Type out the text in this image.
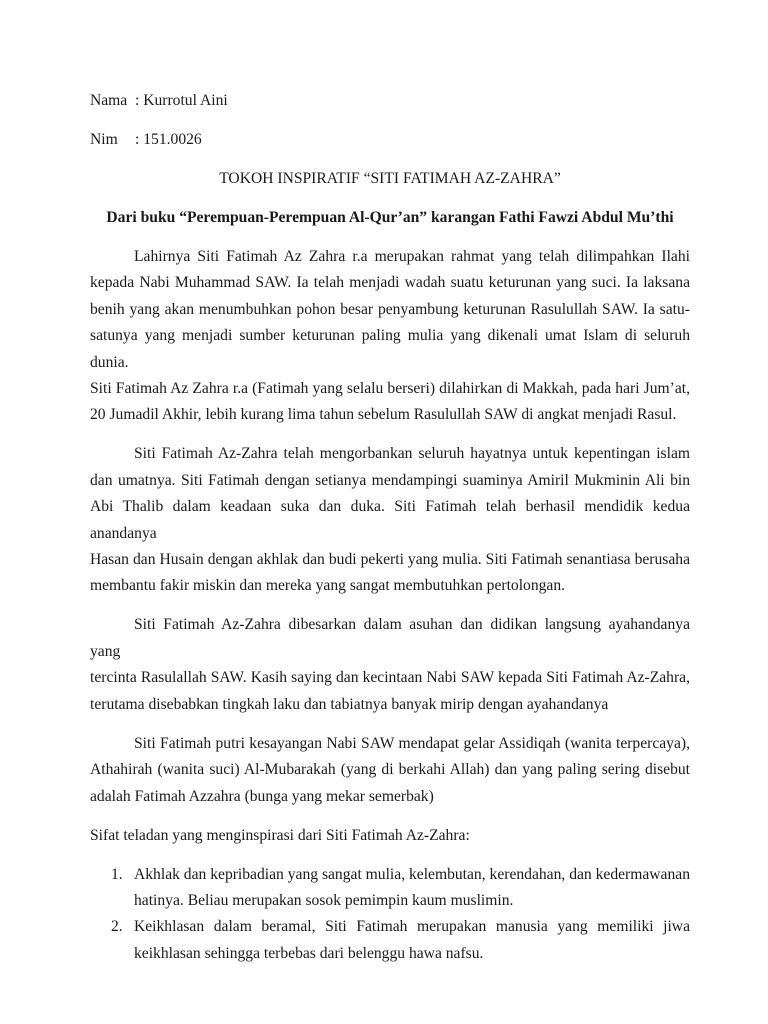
Nama : Kurrotul Aini
Nim : 151.0026
TOKOH INSPIRATIF “SITI FATIMAH AZ-ZAHRA”
Dari buku “Perempuan-Perempuan Al-Qur’an” karangan Fathi Fawzi Abdul Mu’thi
Lahirnya Siti Fatimah Az Zahra r.a merupakan rahmat yang telah dilimpahkan Ilahi
kepada Nabi Muhammad SAW. Ia telah menjadi wadah suatu keturunan yang suci. Ia laksana
benih yang akan menumbuhkan pohon besar penyambung keturunan Rasulullah SAW. Ia satu-
satunya yang menjadi sumber keturunan paling mulia yang dikenali umat Islam di seluruh dunia.
Siti Fatimah Az Zahra r.a (Fatimah yang selalu berseri) dilahirkan di Makkah, pada hari Jum’at,
20 Jumadil Akhir, lebih kurang lima tahun sebelum Rasulullah SAW di angkat menjadi Rasul.
Siti Fatimah Az-Zahra telah mengorbankan seluruh hayatnya untuk kepentingan islam
dan umatnya. Siti Fatimah dengan setianya mendampingi suaminya Amiril Mukminin Ali bin
Abi Thalib dalam keadaan suka dan duka. Siti Fatimah telah berhasil mendidik kedua anandanya
Hasan dan Husain dengan akhlak dan budi pekerti yang mulia. Siti Fatimah senantiasa berusaha
membantu fakir miskin dan mereka yang sangat membutuhkan pertolongan.
Siti Fatimah Az-Zahra dibesarkan dalam asuhan dan didikan langsung ayahandanya yang
tercinta Rasulallah SAW. Kasih saying dan kecintaan Nabi SAW kepada Siti Fatimah Az-Zahra,
terutama disebabkan tingkah laku dan tabiatnya banyak mirip dengan ayahandanya
Siti Fatimah putri kesayangan Nabi SAW mendapat gelar Assidiqah (wanita terpercaya),
Athahirah (wanita suci) Al-Mubarakah (yang di berkahi Allah) dan yang paling sering disebut
adalah Fatimah Azzahra (bunga yang mekar semerbak)
Sifat teladan yang menginspirasi dari Siti Fatimah Az-Zahra:
1. Akhlak dan kepribadian yang sangat mulia, kelembutan, kerendahan, dan kedermawanan
hatinya. Beliau merupakan sosok pemimpin kaum muslimin.
2. Keikhlasan dalam beramal, Siti Fatimah merupakan manusia yang memiliki jiwa
keikhlasan sehingga terbebas dari belenggu hawa nafsu.
